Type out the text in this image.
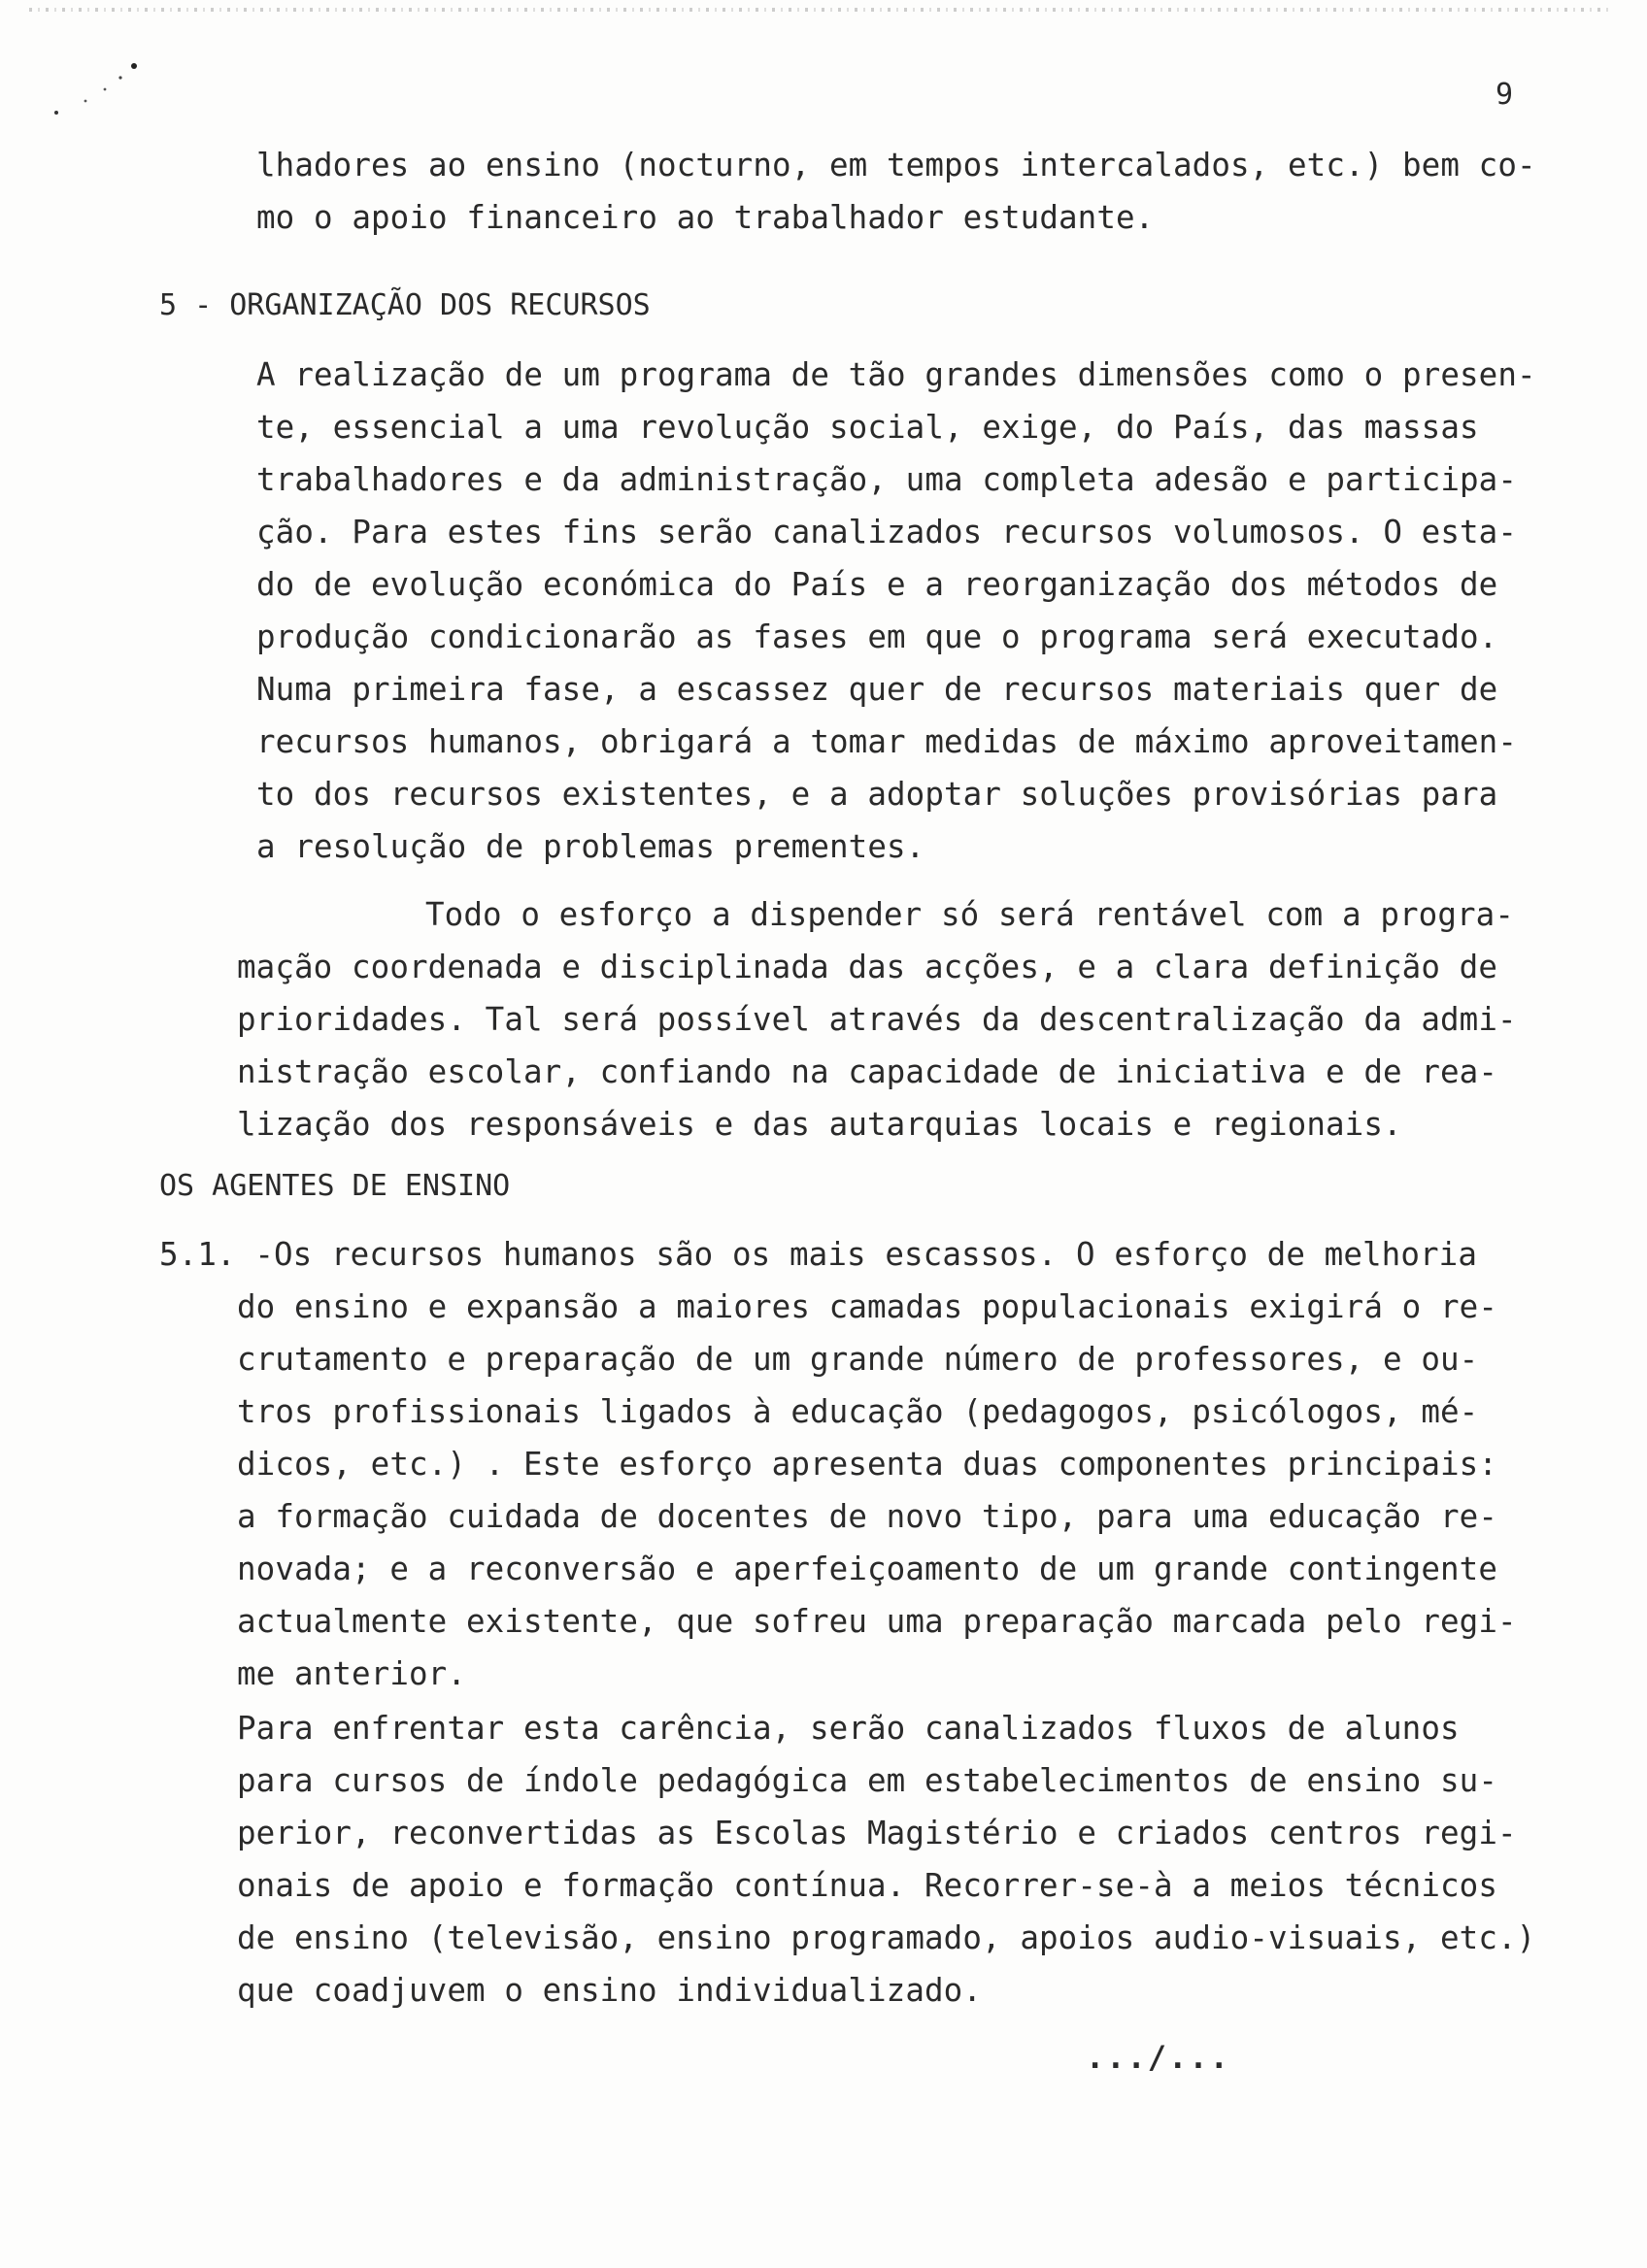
9
lhadores ao ensino (nocturno, em tempos intercalados, etc.) bem co-
mo o apoio financeiro ao trabalhador estudante.
5 - ORGANIZAÇÃO DOS RECURSOS
A realização de um programa de tão grandes dimensões como o presen-
te, essencial a uma revolução social, exige, do País, das massas
trabalhadores e da administração, uma completa adesão e participa-
ção. Para estes fins serão canalizados recursos volumosos. O esta-
do de evolução económica do País e a reorganização dos métodos de
produção condicionarão as fases em que o programa será executado.
Numa primeira fase, a escassez quer de recursos materiais quer de
recursos humanos, obrigará a tomar medidas de máximo aproveitamen-
to dos recursos existentes, e a adoptar soluções provisórias para
a resolução de problemas prementes.
Todo o esforço a dispender só será rentável com a progra-
mação coordenada e disciplinada das acções, e a clara definição de
prioridades. Tal será possível através da descentralização da admi-
nistração escolar, confiando na capacidade de iniciativa e de rea-
lização dos responsáveis e das autarquias locais e regionais.
OS AGENTES DE ENSINO
5.1. - Os recursos humanos são os mais escassos. O esforço de melhoria
do ensino e expansão a maiores camadas populacionais exigirá o re-
crutamento e preparação de um grande número de professores, e ou-
tros profissionais ligados à educação (pedagogos, psicólogos, mé-
dicos, etc.) . Este esforço apresenta duas componentes principais:
a formação cuidada de docentes de novo tipo, para uma educação re-
novada; e a reconversão e aperfeiçoamento de um grande contingente
actualmente existente, que sofreu uma preparação marcada pelo regi-
me anterior.
Para enfrentar esta carência, serão canalizados fluxos de alunos
para cursos de índole pedagógica em estabelecimentos de ensino su-
perior, reconvertidas as Escolas Magistério e criados centros regi-
onais de apoio e formação contínua. Recorrer-se-à a meios técnicos
de ensino (televisão, ensino programado, apoios audio-visuais, etc.)
que coadjuvem o ensino individualizado.
.../...
